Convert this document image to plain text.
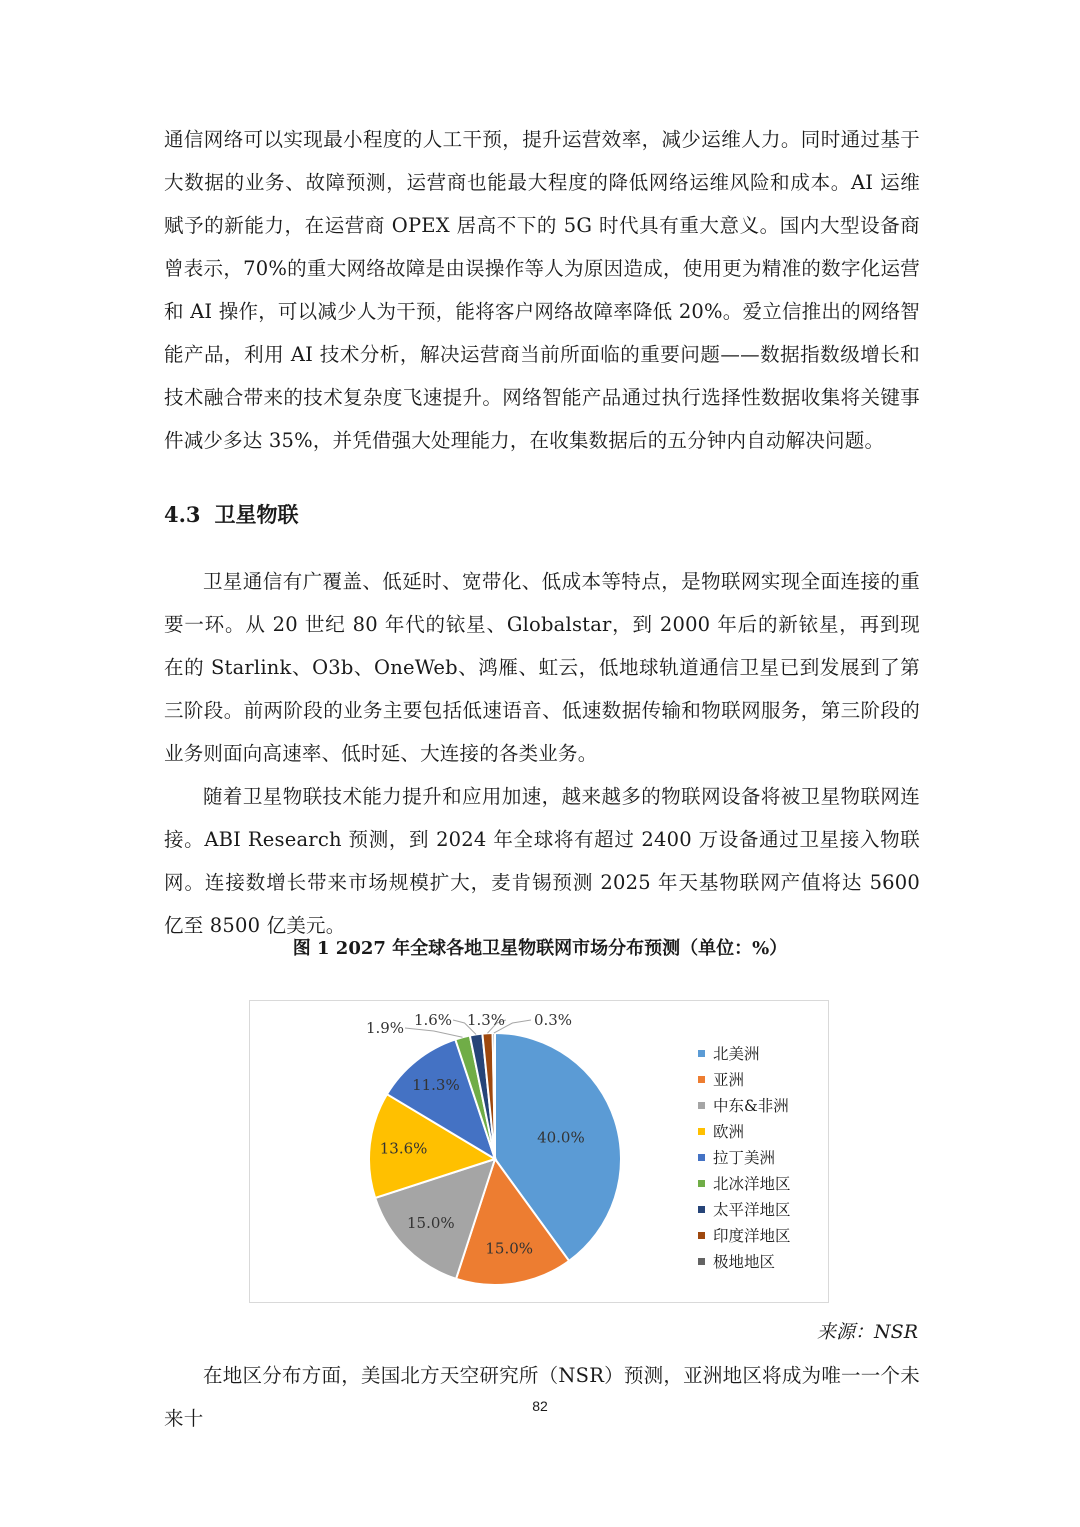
通信网络可以实现最小程度的人工干预，提升运营效率，减少运维人力。同时通过基于大数据的业务、故障预测，运营商也能最大程度的降低网络运维风险和成本。AI 运维赋予的新能力，在运营商 OPEX 居高不下的 5G 时代具有重大意义。国内大型设备商曾表示，70%的重大网络故障是由误操作等人为原因造成，使用更为精准的数字化运营和 AI 操作，可以减少人为干预，能将客户网络故障率降低 20%。爱立信推出的网络智能产品，利用 AI 技术分析，解决运营商当前所面临的重要问题——数据指数级增长和技术融合带来的技术复杂度飞速提升。网络智能产品通过执行选择性数据收集将关键事件减少多达 35%，并凭借强大处理能力，在收集数据后的五分钟内自动解决问题。

4.3 卫星物联

卫星通信有广覆盖、低延时、宽带化、低成本等特点，是物联网实现全面连接的重要一环。从 20 世纪 80 年代的铱星、Globalstar，到 2000 年后的新铱星，再到现在的 Starlink、O3b、OneWeb、鸿雁、虹云，低地球轨道通信卫星已到发展到了第三阶段。前两阶段的业务主要包括低速语音、低速数据传输和物联网服务，第三阶段的业务则面向高速率、低时延、大连接的各类业务。

随着卫星物联技术能力提升和应用加速，越来越多的物联网设备将被卫星物联网连接。ABI Research 预测，到 2024 年全球将有超过 2400 万设备通过卫星接入物联网。连接数增长带来市场规模扩大，麦肯锡预测 2025 年天基物联网产值将达 5600 亿至 8500 亿美元。

图 1 2027 年全球各地卫星物联网市场分布预测（单位：%）

40.0%
15.0%
15.0%
13.6%
11.3%
1.9% 1.6% 1.3% 0.3%
北美洲
亚洲
中东&非洲
欧洲
拉丁美洲
北冰洋地区
太平洋地区
印度洋地区
极地地区

来源：NSR

在地区分布方面，美国北方天空研究所（NSR）预测，亚洲地区将成为唯一一个未来十

82
